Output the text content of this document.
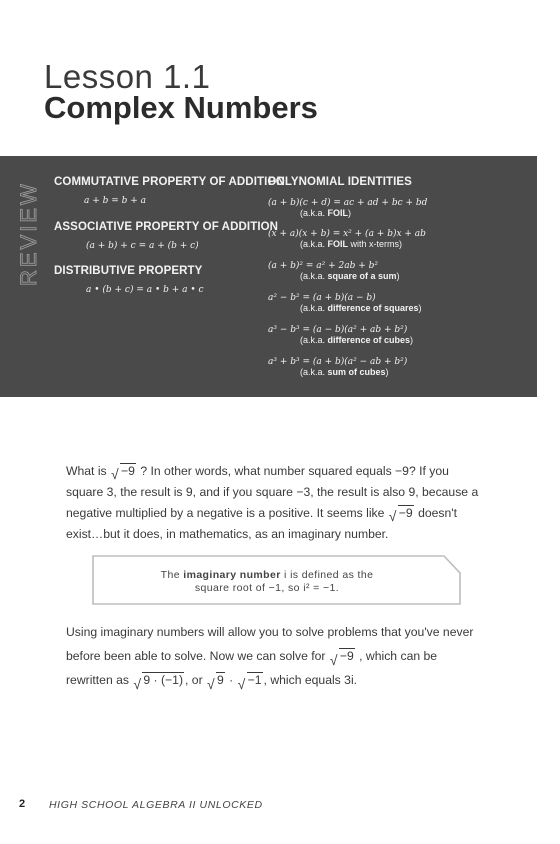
Lesson 1.1
Complex Numbers
COMMUTATIVE PROPERTY OF ADDITION
a + b = b + a
ASSOCIATIVE PROPERTY OF ADDITION
(a + b) + c = a + (b + c)
DISTRIBUTIVE PROPERTY
a • (b + c) = a • b + a • c
POLYNOMIAL IDENTITIES
(a + b)(c + d) = ac + ad + bc + bd
(a.k.a. FOIL)
(x + a)(x + b) = x² + (a + b)x + ab
(a.k.a. FOIL with x-terms)
(a + b)² = a² + 2ab + b²
(a.k.a. square of a sum)
a² − b² = (a + b)(a − b)
(a.k.a. difference of squares)
a³ − b³ = (a − b)(a² + ab + b²)
(a.k.a. difference of cubes)
a³ + b³ = (a + b)(a² − ab + b²)
(a.k.a. sum of cubes)
REVIEW
What is √ −9 ? In other words, what number squared equals −9? If you square 3, the result is 9, and if you square −3, the result is also 9, because a negative multiplied by a negative is a positive. It seems like √ −9 doesn't exist…but it does, in mathematics, as an imaginary number.
The imaginary number i is defined as the
square root of −1, so i² = −1.
Using imaginary numbers will allow you to solve problems that you've never before been able to solve. Now we can solve for √ −9 , which can be rewritten as √ 9 · (−1) , or √ 9 · √ −1 , which equals 3i.
2 HIGH SCHOOL ALGEBRA II UNLOCKED
